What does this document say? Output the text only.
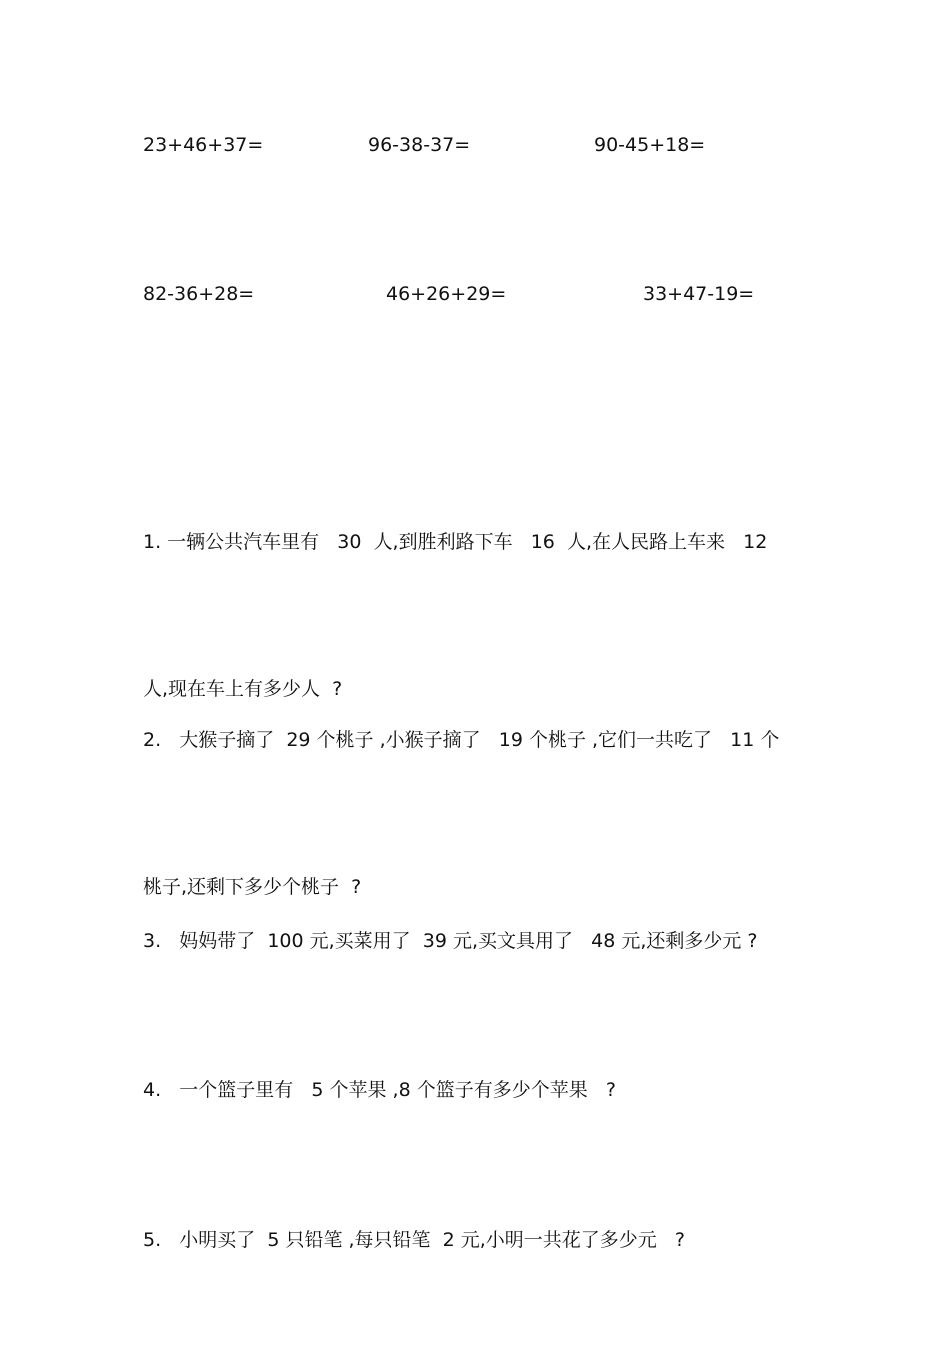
23+46+37=	96-38-37=	90-45+18=
82-36+28=	46+26+29=	33+47-19=

1. 一辆公共汽车里有   30  人,到胜利路下车   16  人,在人民路上车来   12

人,现在车上有多少人  ?

2.   大猴子摘了  29 个桃子 ,小猴子摘了   19 个桃子 ,它们一共吃了   11 个

桃子,还剩下多少个桃子  ?

3.   妈妈带了  100 元,买菜用了  39 元,买文具用了   48 元,还剩多少元 ?

4.   一个篮子里有   5 个苹果 ,8 个篮子有多少个苹果   ?

5.   小明买了  5 只铅笔 ,每只铅笔  2 元,小明一共花了多少元   ?
